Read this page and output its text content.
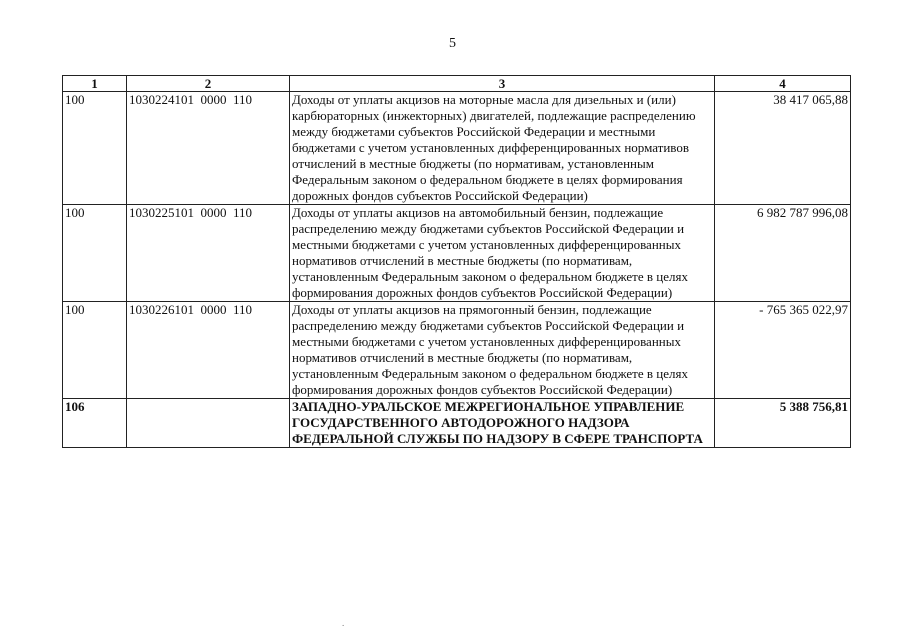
5
1	2	3	4
100	1030224101  0000  110	Доходы от уплаты акцизов на моторные масла для дизельных и (или) карбюраторных (инжекторных) двигателей, подлежащие распределению между бюджетами субъектов Российской Федерации и местными бюджетами с учетом установленных дифференцированных нормативов отчислений в местные бюджеты (по нормативам, установленным Федеральным законом о федеральном бюджете в целях формирования дорожных фондов субъектов Российской Федерации)	38 417 065,88
100	1030225101  0000  110	Доходы от уплаты акцизов на автомобильный бензин, подлежащие распределению между бюджетами субъектов Российской Федерации и местными бюджетами с учетом установленных дифференцированных нормативов отчислений в местные бюджеты (по нормативам, установленным Федеральным законом о федеральном бюджете в целях формирования дорожных фондов субъектов Российской Федерации)	6 982 787 996,08
100	1030226101  0000  110	Доходы от уплаты акцизов на прямогонный бензин, подлежащие распределению между бюджетами субъектов Российской Федерации и местными бюджетами с учетом установленных дифференцированных нормативов отчислений в местные бюджеты (по нормативам, установленным Федеральным законом о федеральном бюджете в целях формирования дорожных фондов субъектов Российской Федерации)	- 765 365 022,97
106		ЗАПАДНО-УРАЛЬСКОЕ МЕЖРЕГИОНАЛЬНОЕ УПРАВЛЕНИЕ ГОСУДАРСТВЕННОГО АВТОДОРОЖНОГО НАДЗОРА ФЕДЕРАЛЬНОЙ СЛУЖБЫ ПО НАДЗОРУ В СФЕРЕ ТРАНСПОРТА	5 388 756,81
.
